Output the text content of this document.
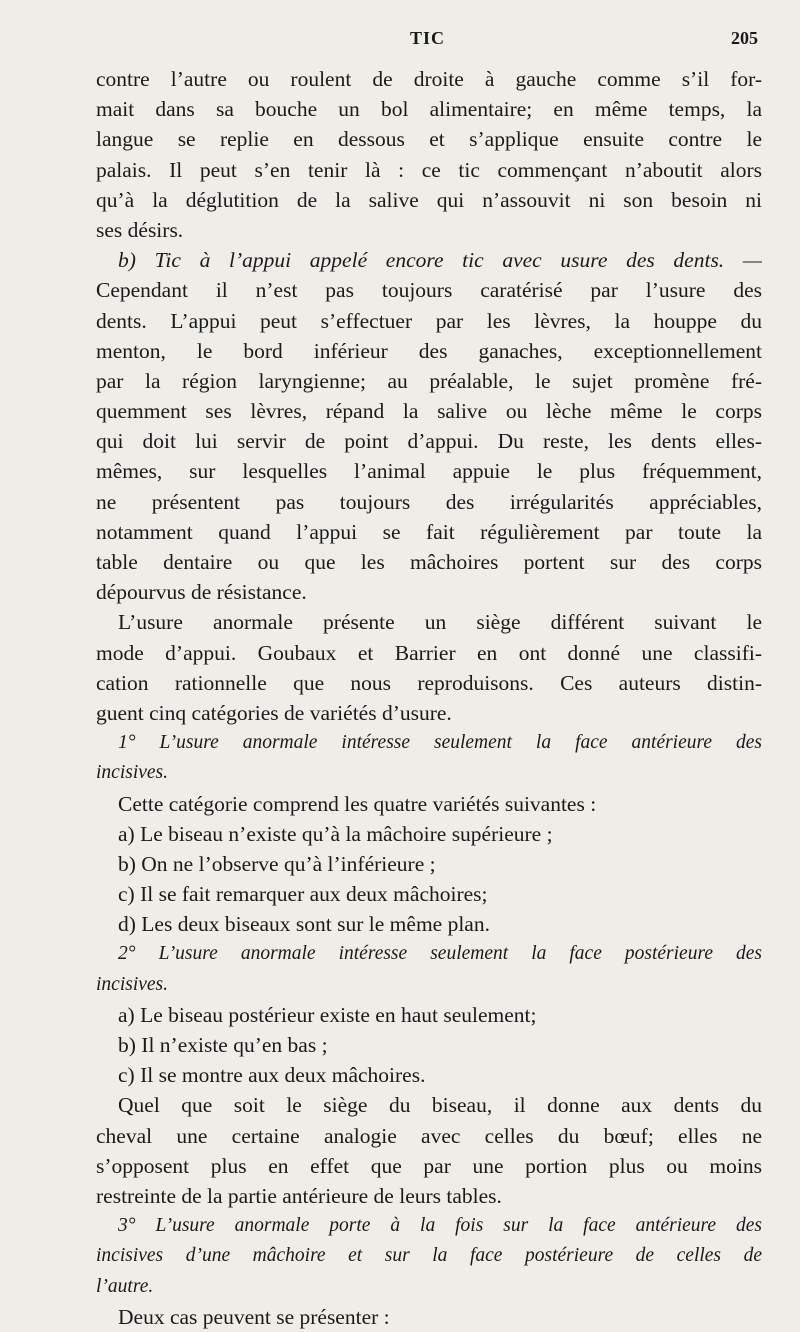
TIC	205
contre l’autre ou roulent de droite à gauche comme s’il for-
mait dans sa bouche un bol alimentaire; en même temps, la
langue se replie en dessous et s’applique ensuite contre le
palais. Il peut s’en tenir là : ce tic commençant n’aboutit alors
qu’à la déglutition de la salive qui n’assouvit ni son besoin ni
ses désirs.
b) Tic à l’appui appelé encore tic avec usure des dents. —
Cependant il n’est pas toujours caratérisé par l’usure des
dents. L’appui peut s’effectuer par les lèvres, la houppe du
menton, le bord inférieur des ganaches, exceptionnellement
par la région laryngienne; au préalable, le sujet promène fré-
quemment ses lèvres, répand la salive ou lèche même le corps
qui doit lui servir de point d’appui. Du reste, les dents elles-
mêmes, sur lesquelles l’animal appuie le plus fréquemment,
ne présentent pas toujours des irrégularités appréciables,
notamment quand l’appui se fait régulièrement par toute la
table dentaire ou que les mâchoires portent sur des corps
dépourvus de résistance.
L’usure anormale présente un siège différent suivant le
mode d’appui. Goubaux et Barrier en ont donné une classifi-
cation rationnelle que nous reproduisons. Ces auteurs distin-
guent cinq catégories de variétés d’usure.
1° L’usure anormale intéresse seulement la face antérieure des
incisives.
Cette catégorie comprend les quatre variétés suivantes :
a) Le biseau n’existe qu’à la mâchoire supérieure ;
b) On ne l’observe qu’à l’inférieure ;
c) Il se fait remarquer aux deux mâchoires;
d) Les deux biseaux sont sur le même plan.
2° L’usure anormale intéresse seulement la face postérieure des
incisives.
a) Le biseau postérieur existe en haut seulement;
b) Il n’existe qu’en bas ;
c) Il se montre aux deux mâchoires.
Quel que soit le siège du biseau, il donne aux dents du
cheval une certaine analogie avec celles du bœuf; elles ne
s’opposent plus en effet que par une portion plus ou moins
restreinte de la partie antérieure de leurs tables.
3° L’usure anormale porte à la fois sur la face antérieure des
incisives d’une mâchoire et sur la face postérieure de celles de
l’autre.
Deux cas peuvent se présenter :
